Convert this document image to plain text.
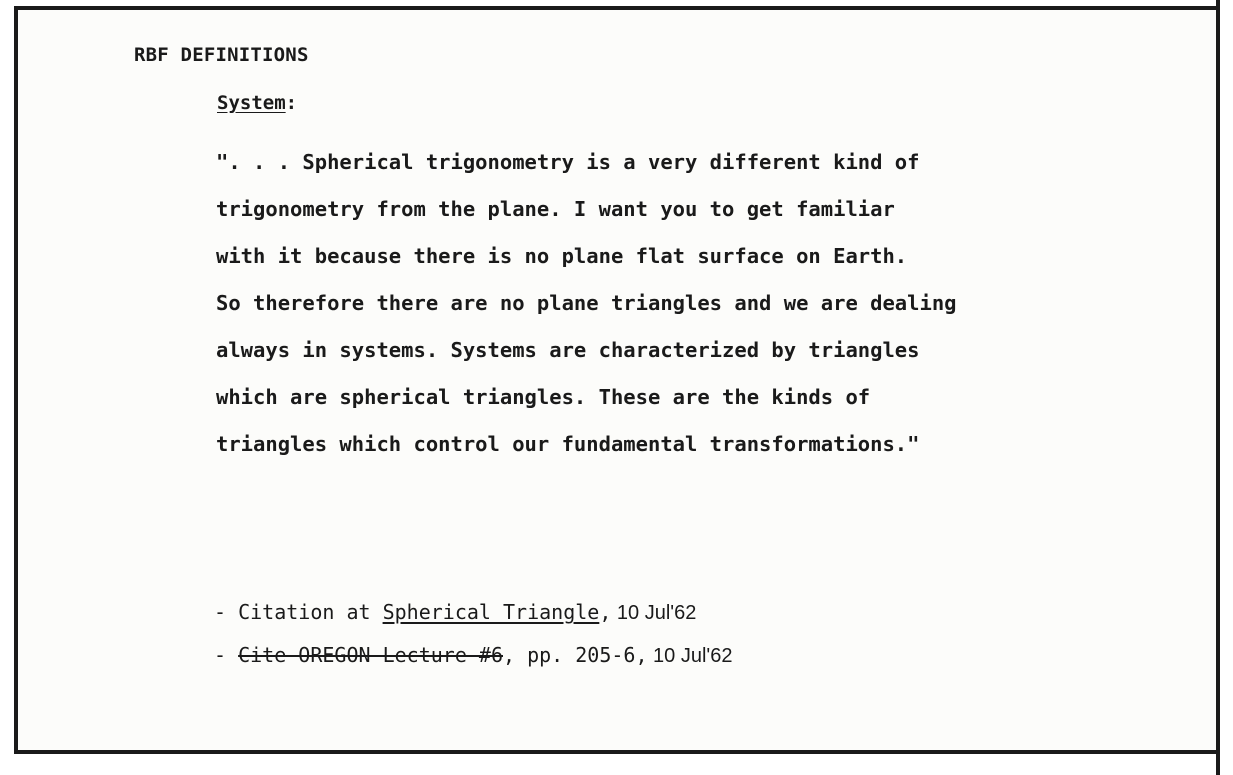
RBF DEFINITIONS
System:
". . . Spherical trigonometry is a very different kind of
trigonometry from the plane. I want you to get familiar
with it because there is no plane flat surface on Earth.
So therefore there are no plane triangles and we are dealing
always in systems. Systems are characterized by triangles
which are spherical triangles. These are the kinds of
triangles which control our fundamental transformations."
- Citation at Spherical Triangle, 10 Jul'62
- Cite OREGON Lecture #6, pp. 205-6, 10 Jul'62
